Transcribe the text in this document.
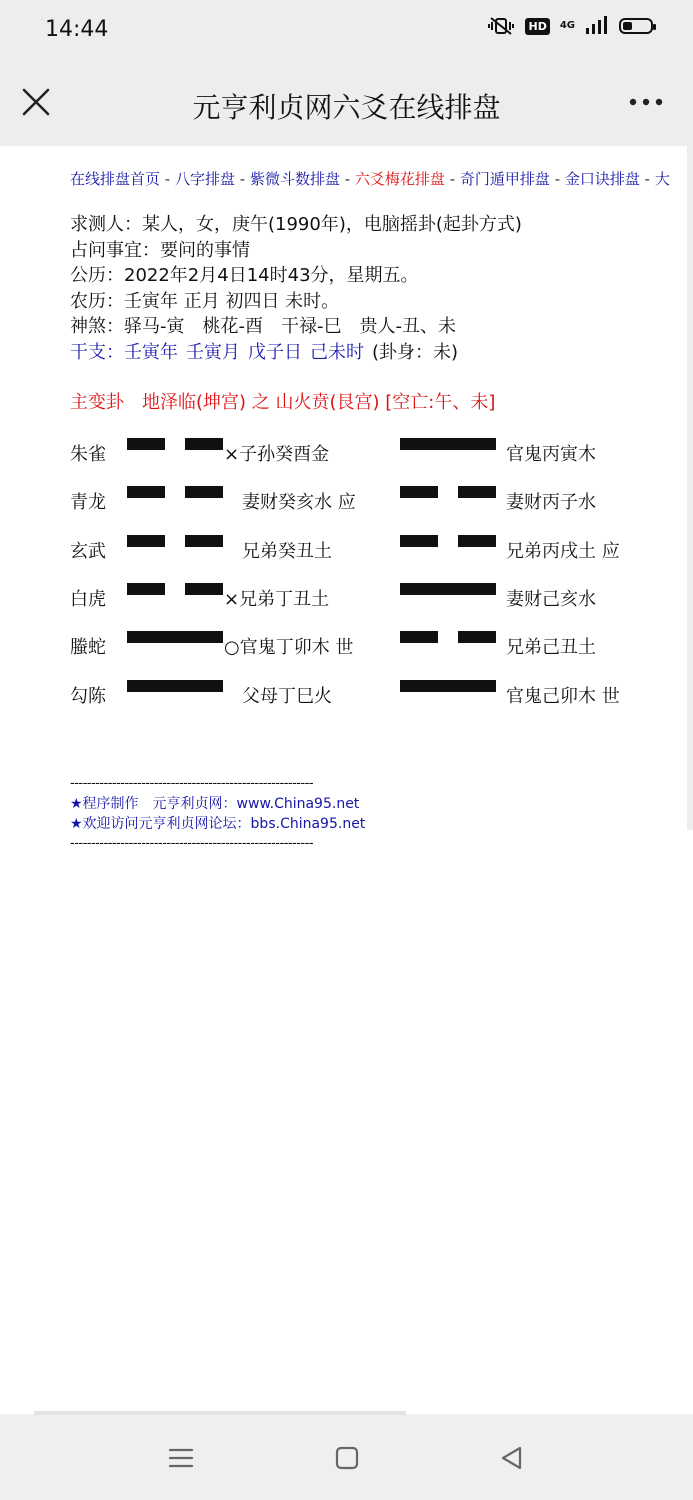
14:44	HD	4G
元亨利贞网六爻在线排盘
在线排盘首页 - 八字排盘 - 紫微斗数排盘 - 六爻梅花排盘 - 奇门遁甲排盘 - 金口诀排盘 - 大
求测人：某人，女，庚午(1990年)，电脑摇卦(起卦方式)
占问事宜：要问的事情
公历：2022年2月4日14时43分，星期五。
农历：壬寅年 正月 初四日 未时。
神煞：驿马-寅　桃花-酉　干禄-巳　贵人-丑、未
干支：壬寅年 壬寅月 戊子日 己未时 (卦身：未)
主变卦　地泽临(坤宫) 之 山火贲(艮宫) [空亡:午、未]
朱雀	×子孙癸酉金	官鬼丙寅木
青龙	　妻财癸亥水 应	妻财丙子水
玄武	　兄弟癸丑土	兄弟丙戌土 应
白虎	×兄弟丁丑土	妻财己亥水
螣蛇	○官鬼丁卯木 世	兄弟己丑土
勾陈	　父母丁巳火	官鬼己卯木 世
----------------------------------------------------------
★程序制作　元亨利贞网：www.China95.net
★欢迎访问元亨利贞网论坛：bbs.China95.net
----------------------------------------------------------
